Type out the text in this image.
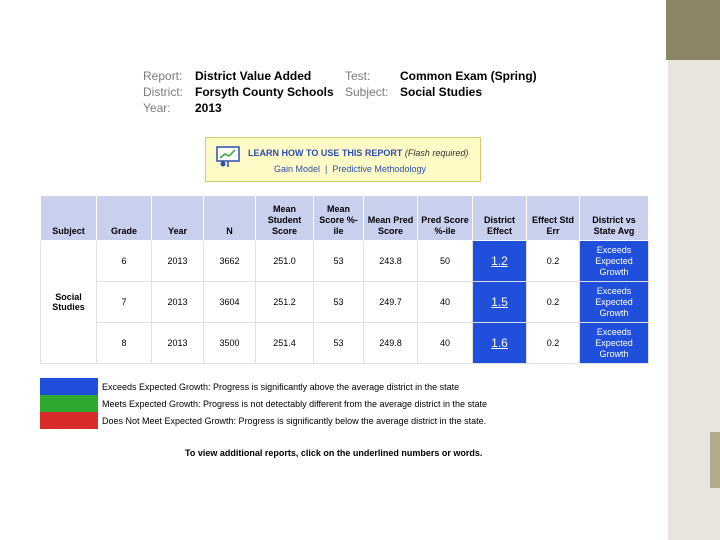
Report:	District Value Added	Test:	Common Exam (Spring)
District:	Forsyth County Schools Subject: Social Studies
Year:	2013
LEARN HOW TO USE THIS REPORT (Flash required)
Gain Model | Predictive Methodology
Subject	Grade	Year	N	Mean Student Score	Mean Score %-ile	Mean Pred Score	Pred Score %-ile	District Effect	Effect Std Err	District vs State Avg
Social Studies	6	2013	3662	251.0	53	243.8	50	1.2	0.2	Exceeds Expected Growth
	7	2013	3604	251.2	53	249.7	40	1.5	0.2	Exceeds Expected Growth
	8	2013	3500	251.4	53	249.8	40	1.6	0.2	Exceeds Expected Growth
Exceeds Expected Growth: Progress is significantly above the average district in the state
Meets Expected Growth: Progress is not detectably different from the average district in the state
Does Not Meet Expected Growth: Progress is significantly below the average district in the state.
To view additional reports, click on the underlined numbers or words.
